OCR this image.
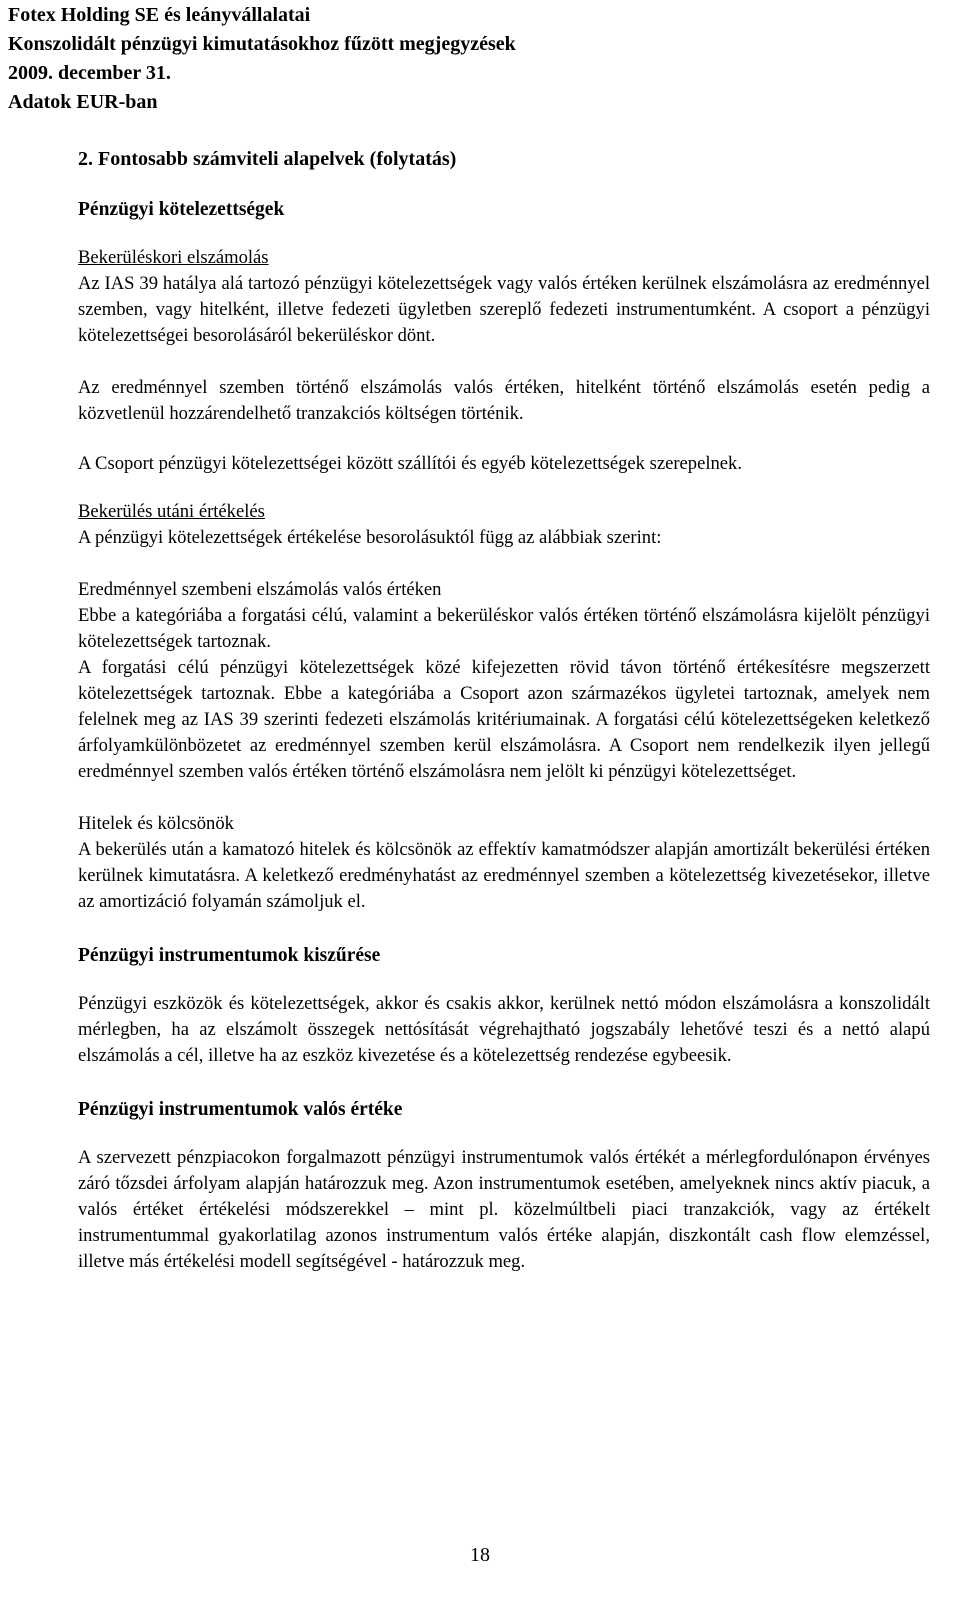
Fotex Holding SE és leányvállalatai
Konszolidált pénzügyi kimutatásokhoz fűzött megjegyzések
2009. december 31.
Adatok EUR-ban
2. Fontosabb számviteli alapelvek (folytatás)
Pénzügyi kötelezettségek
Bekerüléskori elszámolás

Az IAS 39 hatálya alá tartozó pénzügyi kötelezettségek vagy valós értéken kerülnek elszámolásra az eredménnyel szemben, vagy hitelként, illetve fedezeti ügyletben szereplő fedezeti instrumentumként. A csoport a pénzügyi kötelezettségei besorolásáról bekerüléskor dönt.

Az eredménnyel szemben történő elszámolás valós értéken, hitelként történő elszámolás esetén pedig a közvetlenül hozzárendelhető tranzakciós költségen történik.

A Csoport pénzügyi kötelezettségei között szállítói és egyéb kötelezettségek szerepelnek.

Bekerülés utáni értékelés

A pénzügyi kötelezettségek értékelése besorolásuktól függ az alábbiak szerint:

Eredménnyel szembeni elszámolás valós értéken

Ebbe a kategóriába a forgatási célú, valamint a bekerüléskor valós értéken történő elszámolásra kijelölt pénzügyi kötelezettségek tartoznak.

A forgatási célú pénzügyi kötelezettségek közé kifejezetten rövid távon történő értékesítésre megszerzett kötelezettségek tartoznak. Ebbe a kategóriába a Csoport azon származékos ügyletei tartoznak, amelyek nem felelnek meg az IAS 39 szerinti fedezeti elszámolás kritériumainak. A forgatási célú kötelezettségeken keletkező árfolyamkülönbözetet az eredménnyel szemben kerül elszámolásra. A Csoport nem rendelkezik ilyen jellegű eredménnyel szemben valós értéken történő elszámolásra nem jelölt ki pénzügyi kötelezettséget.

Hitelek és kölcsönök

A bekerülés után a kamatozó hitelek és kölcsönök az effektív kamatmódszer alapján amortizált bekerülési értéken kerülnek kimutatásra. A keletkező eredményhatást az eredménnyel szemben a kötelezettség kivezetésekor, illetve az amortizáció folyamán számoljuk el.

Pénzügyi instrumentumok kiszűrése

Pénzügyi eszközök és kötelezettségek, akkor és csakis akkor, kerülnek nettó módon elszámolásra a konszolidált mérlegben, ha az elszámolt összegek nettósítását végrehajtható jogszabály lehetővé teszi és a nettó alapú elszámolás a cél, illetve ha az eszköz kivezetése és a kötelezettség rendezése egybeesik.

Pénzügyi instrumentumok valós értéke

A szervezett pénzpiacokon forgalmazott pénzügyi instrumentumok valós értékét a mérlegfordulónapon érvényes záró tőzsdei árfolyam alapján határozzuk meg. Azon instrumentumok esetében, amelyeknek nincs aktív piacuk, a valós értéket értékelési módszerekkel – mint pl. közelmúltbeli piaci tranzakciók, vagy az értékelt instrumentummal gyakorlatilag azonos instrumentum valós értéke alapján, diszkontált cash flow elemzéssel, illetve más értékelési modell segítségével - határozzuk meg.

18
